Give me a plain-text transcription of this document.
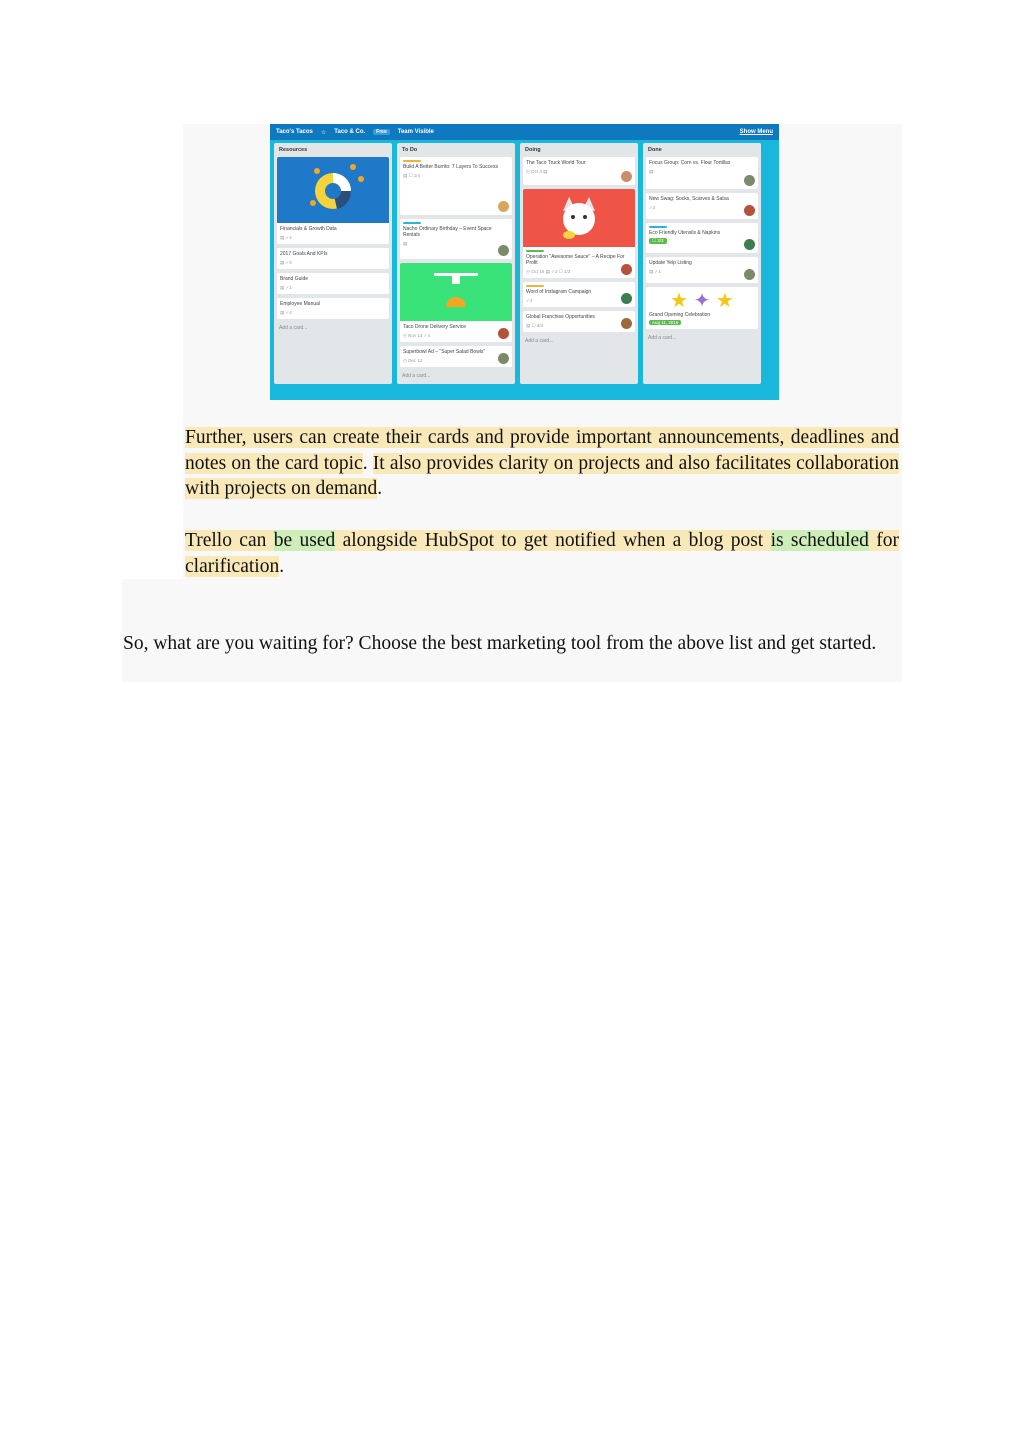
Taco's Tacos ☆ Taco & Co.	Free	Team Visible	Show Menu
Resources
Financials & Growth Data
▤ ✓4
2017 Goals And KPIs
▤ ✓4
Brand Guide
▤ ✓1
Employee Manual
▤ ✓4
Add a card...
To Do
Build A Better Burrito: 7 Layers To Success
▤ ☐ 1/4
Nacho Ordinary Birthday – Event Space Rentals
▤
Taco Drone Delivery Service
◷ Nov 14 ✓4
Superbowl Ad – "Super Salad Bowls"
◷ Dec 12
Add a card...
Doing
The Taco Truck World Tour
◷ Oct 4 ▤
Operation "Awesome Sauce" – A Recipe For Profit
◷ Oct 16 ▤ ✓2 ☐ 1/3
Word of Instagram Campaign
✓4
Global Franchise Opportunities
▤ ☐ 4/4
Add a card...
Done
Focus Group: Corn vs. Flour Tortillas
▤
New Swag: Socks, Scarves & Salsa
✓2
Eco Friendly Utensils & Napkins
☐ 3/3
Update Yelp Listing
▤ ✓1
★ ✦ ★
Grand Opening Celebration
Aug 11, 2016
Add a card...

Further, users can create their cards and provide important announcements, deadlines and notes on the card topic. It also provides clarity on projects and also facilitates collaboration with projects on demand.

Trello can be used alongside HubSpot to get notified when a blog post is scheduled for clarification.

So, what are you waiting for? Choose the best marketing tool from the above list and get started.
